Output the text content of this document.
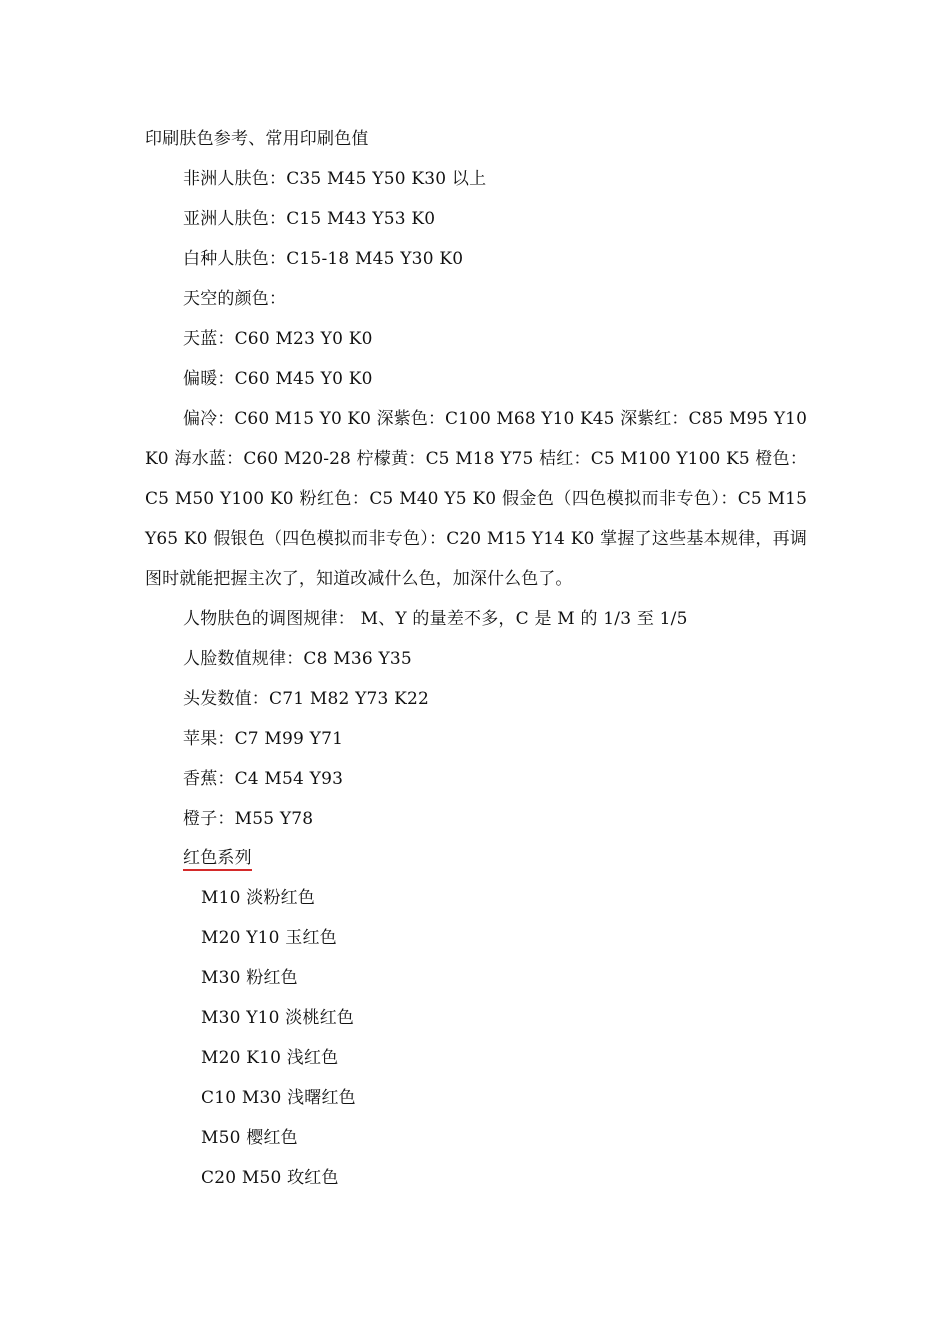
印刷肤色参考、常用印刷色值
非洲人肤色：C35 M45 Y50 K30 以上
亚洲人肤色：C15 M43 Y53 K0
白种人肤色：C15-18 M45 Y30 K0
天空的颜色：
天蓝：C60 M23 Y0 K0
偏暖：C60 M45 Y0 K0
偏冷：C60 M15 Y0 K0 深紫色：C100 M68 Y10 K45 深紫红：C85 M95 Y10 K0 海水蓝：C60 M20-28 柠檬黄：C5 M18 Y75 桔红：C5 M100 Y100 K5 橙色：C5 M50 Y100 K0 粉红色：C5 M40 Y5 K0 假金色（四色模拟而非专色）：C5 M15 Y65 K0 假银色（四色模拟而非专色）：C20 M15 Y14 K0 掌握了这些基本规律，再调图时就能把握主次了，知道改减什么色，加深什么色了。
人物肤色的调图规律： M、Y 的量差不多，C 是 M 的 1/3 至 1/5
人脸数值规律：C8 M36 Y35
头发数值：C71 M82 Y73 K22
苹果：C7 M99 Y71
香蕉：C4 M54 Y93
橙子：M55 Y78
红色系列
M10 淡粉红色
M20 Y10 玉红色
M30 粉红色
M30 Y10 淡桃红色
M20 K10 浅红色
C10 M30 浅曙红色
M50 樱红色
C20 M50 玫红色
